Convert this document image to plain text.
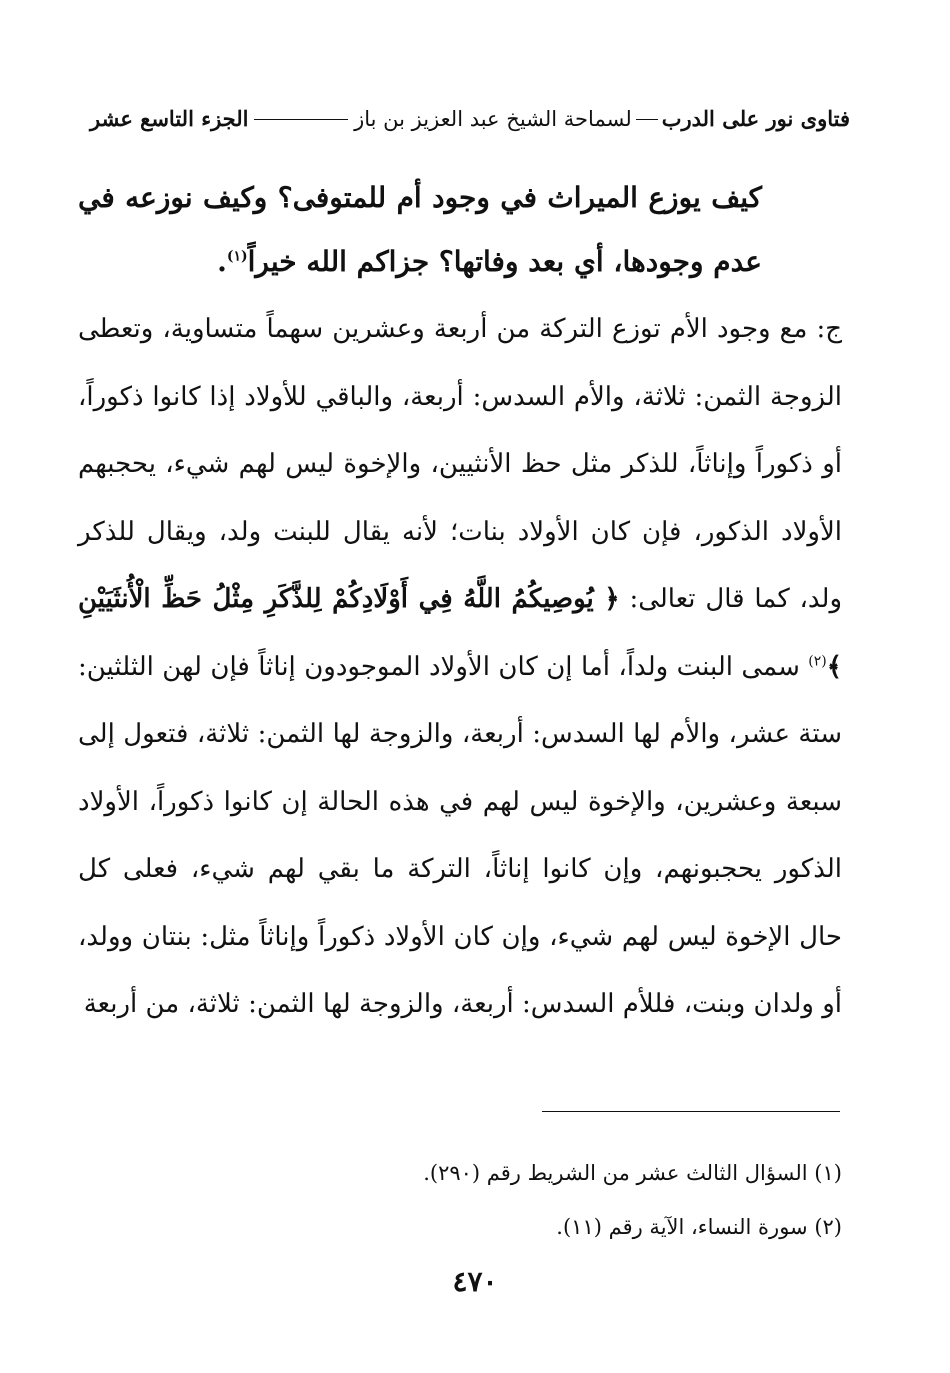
فتاوى نور على الدرب
لسماحة الشيخ عبد العزيز بن باز
الجزء التاسع عشر
كيف يوزع الميراث في وجود أم للمتوفى؟ وكيف نوزعه في عدم وجودها، أي بعد وفاتها؟ جزاكم الله خيراً$^{(١)}$.
ج: مع وجود الأم توزع التركة من أربعة وعشرين سهماً متساوية، وتعطى الزوجة الثمن: ثلاثة، والأم السدس: أربعة، والباقي للأولاد إذا كانوا ذكوراً، أو ذكوراً وإناثاً، للذكر مثل حظ الأنثيين، والإخوة ليس لهم شيء، يحجبهم الأولاد الذكور، فإن كان الأولاد بنات؛ لأنه يقال للبنت ولد، ويقال للذكر ولد، كما قال تعالى: ﴿ يُوصِيكُمُ اللَّهُ فِي أَوْلَادِكُمْ لِلذَّكَرِ مِثْلُ حَظِّ الْأُنثَيَيْنِ ﴾$^{(٢)}$ سمى البنت ولداً، أما إن كان الأولاد الموجودون إناثاً فإن لهن الثلثين: ستة عشر، والأم لها السدس: أربعة، والزوجة لها الثمن: ثلاثة، فتعول إلى سبعة وعشرين، والإخوة ليس لهم في هذه الحالة إن كانوا ذكوراً، الأولاد الذكور يحجبونهم، وإن كانوا إناثاً، التركة ما بقي لهم شيء، فعلى كل حال الإخوة ليس لهم شيء، وإن كان الأولاد ذكوراً وإناثاً مثل: بنتان وولد، أو ولدان وبنت، فللأم السدس: أربعة، والزوجة لها الثمن: ثلاثة، من أربعة
(١) السؤال الثالث عشر من الشريط رقم (٢٩٠).
(٢) سورة النساء، الآية رقم (١١).
٤٧٠
